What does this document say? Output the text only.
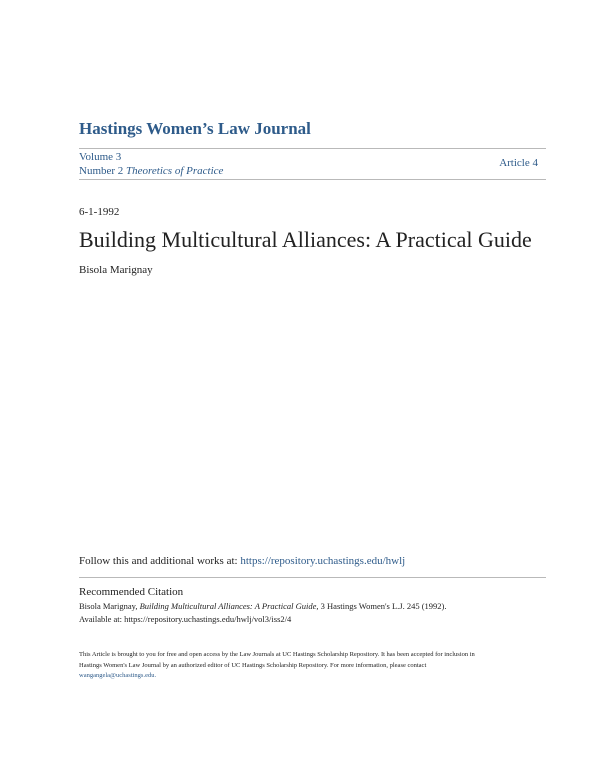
Hastings Women’s Law Journal
Volume 3
Number 2 Theoretics of Practice
Article 4
6-1-1992
Building Multicultural Alliances: A Practical Guide
Bisola Marignay
Follow this and additional works at: https://repository.uchastings.edu/hwlj
Recommended Citation
Bisola Marignay, Building Multicultural Alliances: A Practical Guide, 3 Hastings Women's L.J. 245 (1992).
Available at: https://repository.uchastings.edu/hwlj/vol3/iss2/4
This Article is brought to you for free and open access by the Law Journals at UC Hastings Scholarship Repository. It has been accepted for inclusion in
Hastings Women's Law Journal by an authorized editor of UC Hastings Scholarship Repository. For more information, please contact
wangangela@uchastings.edu.
